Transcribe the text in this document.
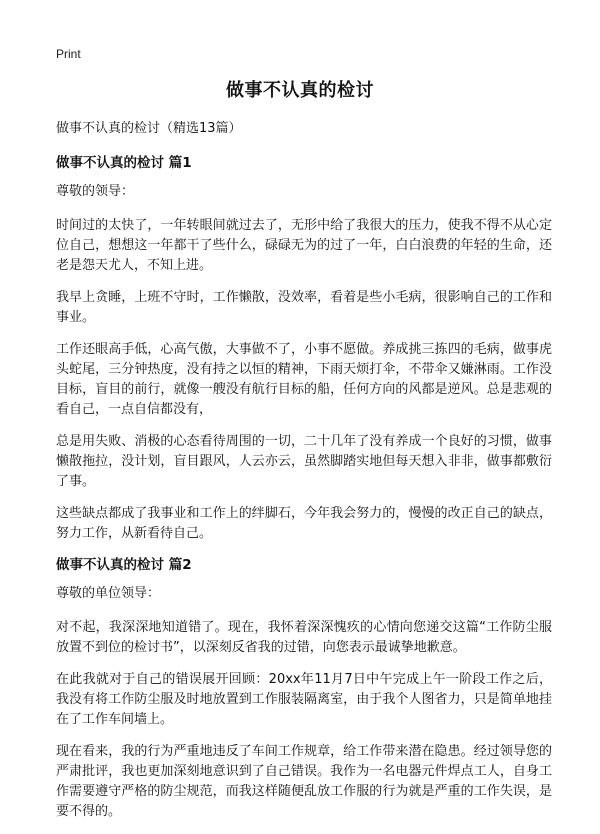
Print
做事不认真的检讨
做事不认真的检讨（精选13篇）
做事不认真的检讨 篇1
尊敬的领导：

时间过的太快了，一年转眼间就过去了，无形中给了我很大的压力，使我不得不从心定位自己，想想这一年都干了些什么，碌碌无为的过了一年，白白浪费的年轻的生命，还老是怨天尤人，不知上进。

我早上贪睡，上班不守时，工作懒散，没效率，看着是些小毛病，很影响自己的工作和事业。

工作还眼高手低，心高气傲，大事做不了，小事不愿做。养成挑三拣四的毛病，做事虎头蛇尾，三分钟热度，没有持之以恒的精神，下雨天烦打伞，不带伞又嫌淋雨。工作没目标，盲目的前行，就像一艘没有航行目标的船，任何方向的风都是逆风。总是悲观的看自己，一点自信都没有，

总是用失败、消极的心态看待周围的一切，二十几年了没有养成一个良好的习惯，做事懒散拖拉，没计划，盲目跟风，人云亦云，虽然脚踏实地但每天想入非非，做事都敷衍了事。

这些缺点都成了我事业和工作上的绊脚石，今年我会努力的，慢慢的改正自己的缺点，努力工作，从新看待自己。

做事不认真的检讨 篇2
尊敬的单位领导：

对不起，我深深地知道错了。现在，我怀着深深愧疚的心情向您递交这篇“工作防尘服放置不到位的检讨书”，以深刻反省我的过错，向您表示最诚挚地歉意。

在此我就对于自己的错误展开回顾：20xx年11月7日中午完成上午一阶段工作之后，我没有将工作防尘服及时地放置到工作服装隔离室，由于我个人图省力，只是简单地挂在了工作车间墙上。

现在看来，我的行为严重地违反了车间工作规章，给工作带来潜在隐患。经过领导您的严肃批评，我也更加深刻地意识到了自己错误。我作为一名电器元件焊点工人，自身工作需要遵守严格的防尘规范，而我这样随便乱放工作服的行为就是严重的工作失误，是要不得的。
